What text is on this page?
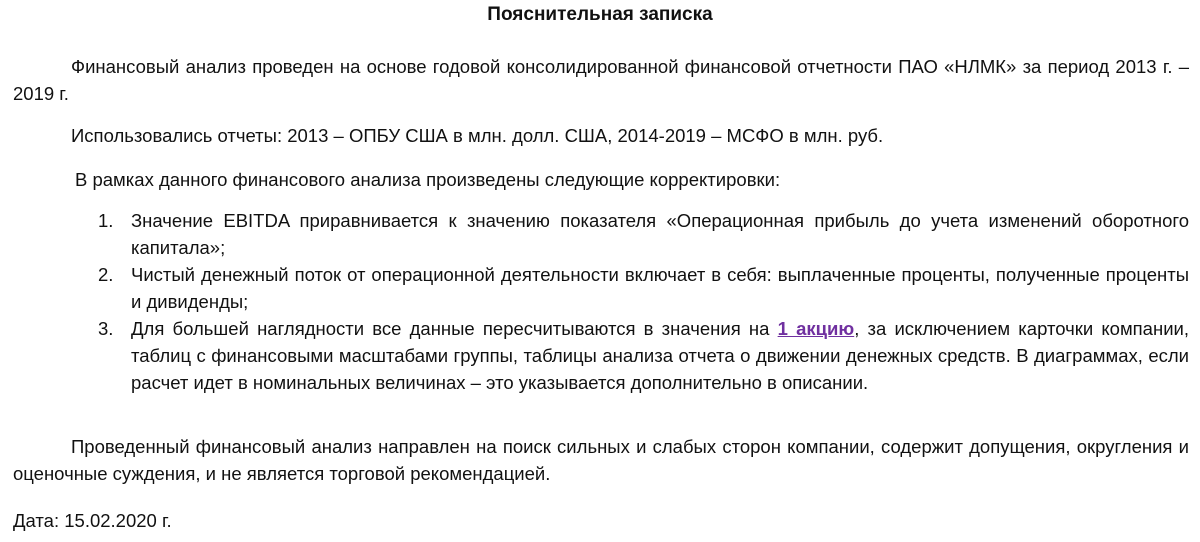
Пояснительная записка
Финансовый анализ проведен на основе годовой консолидированной финансовой отчетности ПАО «НЛМК» за период 2013 г. – 2019 г.
Использовались отчеты: 2013 – ОПБУ США в млн. долл. США, 2014-2019 – МСФО в млн. руб.
В рамках данного финансового анализа произведены следующие корректировки:
1. Значение EBITDA приравнивается к значению показателя «Операционная прибыль до учета изменений оборотного капитала»;
2. Чистый денежный поток от операционной деятельности включает в себя: выплаченные проценты, полученные проценты и дивиденды;
3. Для большей наглядности все данные пересчитываются в значения на 1 акцию, за исключением карточки компании, таблиц с финансовыми масштабами группы, таблицы анализа отчета о движении денежных средств. В диаграммах, если расчет идет в номинальных величинах – это указывается дополнительно в описании.
Проведенный финансовый анализ направлен на поиск сильных и слабых сторон компании, содержит допущения, округления и оценочные суждения, и не является торговой рекомендацией.
Дата: 15.02.2020 г.
